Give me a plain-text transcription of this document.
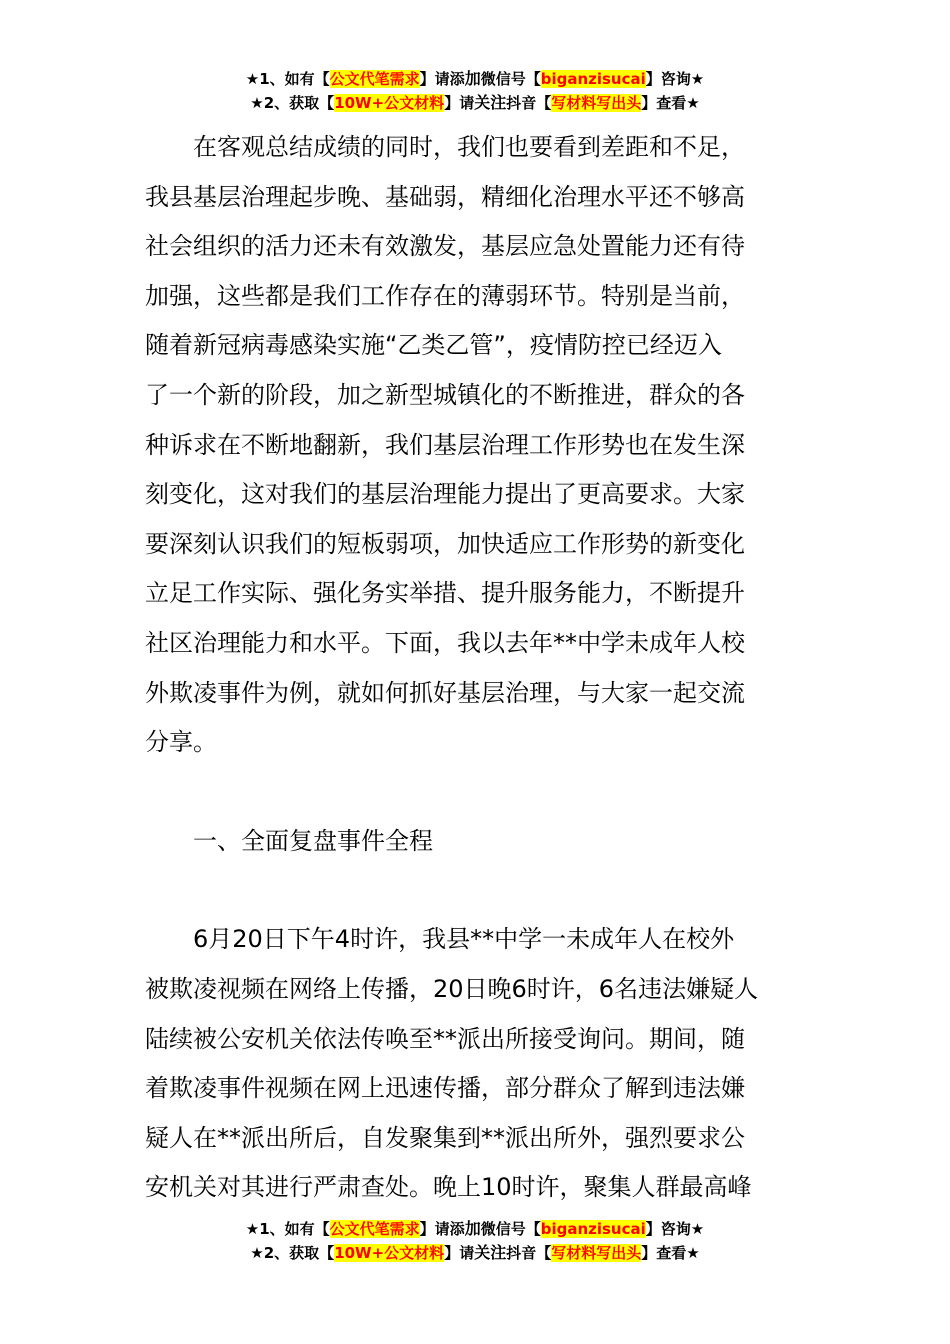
★1、如有【公文代笔需求】请添加微信号【biganzisucai】咨询★
★2、获取【10W+公文材料】请关注抖音【写材料写出头】查看★
在客观总结成绩的同时，我们也要看到差距和不足，
我县基层治理起步晚、基础弱，精细化治理水平还不够高
社会组织的活力还未有效激发，基层应急处置能力还有待
加强，这些都是我们工作存在的薄弱环节。特别是当前，
随着新冠病毒感染实施“乙类乙管”，疫情防控已经迈入
了一个新的阶段，加之新型城镇化的不断推进，群众的各
种诉求在不断地翻新，我们基层治理工作形势也在发生深
刻变化，这对我们的基层治理能力提出了更高要求。大家
要深刻认识我们的短板弱项，加快适应工作形势的新变化
立足工作实际、强化务实举措、提升服务能力，不断提升
社区治理能力和水平。下面，我以去年**中学未成年人校
外欺凌事件为例，就如何抓好基层治理，与大家一起交流
分享。
一、全面复盘事件全程
6月20日下午4时许，我县**中学一未成年人在校外
被欺凌视频在网络上传播，20日晚6时许，6名违法嫌疑人
陆续被公安机关依法传唤至**派出所接受询问。期间，随
着欺凌事件视频在网上迅速传播，部分群众了解到违法嫌
疑人在**派出所后，自发聚集到**派出所外，强烈要求公
安机关对其进行严肃查处。晚上10时许，聚集人群最高峰
★1、如有【公文代笔需求】请添加微信号【biganzisucai】咨询★
★2、获取【10W+公文材料】请关注抖音【写材料写出头】查看★
